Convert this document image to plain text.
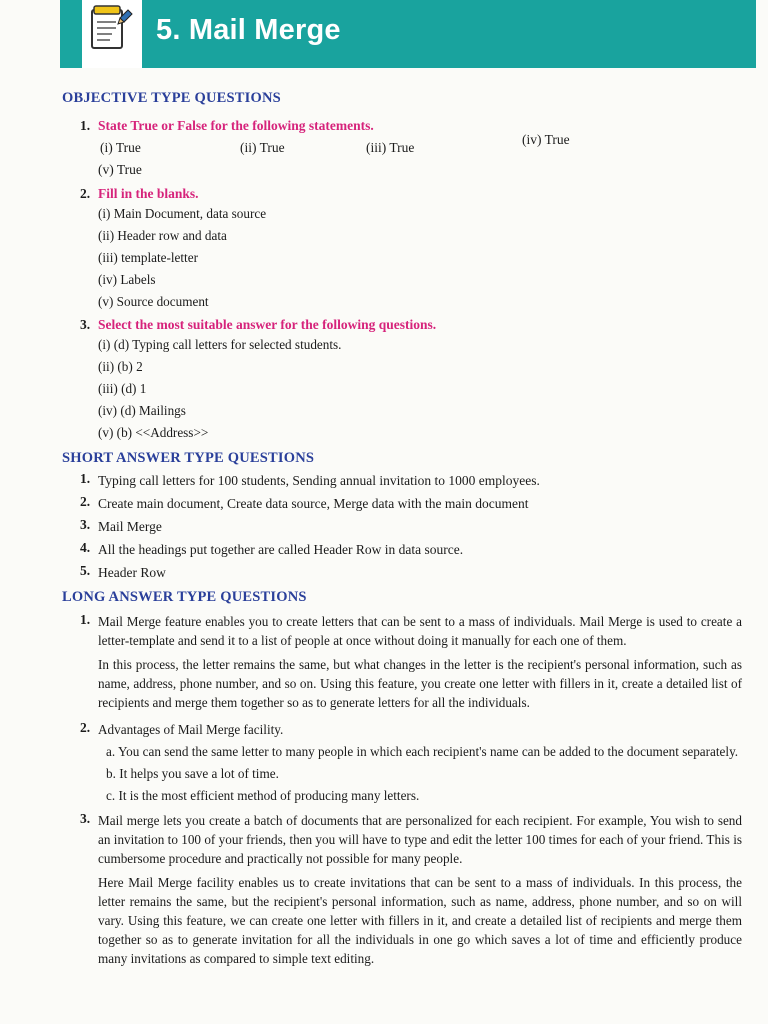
5. Mail Merge
OBJECTIVE TYPE QUESTIONS
1. State True or False for the following statements.
(i) True	(ii) True	(iii) True
(iv) True
(v) True
2. Fill in the blanks.
(i) Main Document, data source
(ii) Header row and data
(iii) template-letter
(iv) Labels
(v) Source document
3. Select the most suitable answer for the following questions.
(i) (d) Typing call letters for selected students.
(ii) (b) 2
(iii) (d) 1
(iv) (d) Mailings
(v) (b) <<Address>>
SHORT ANSWER TYPE QUESTIONS
1. Typing call letters for 100 students, Sending annual invitation to 1000 employees.
2. Create main document, Create data source, Merge data with the main document
3. Mail Merge
4. All the headings put together are called Header Row in data source.
5. Header Row
LONG ANSWER TYPE QUESTIONS
1. Mail Merge feature enables you to create letters that can be sent to a mass of individuals. Mail Merge is used to create a letter-template and send it to a list of people at once without doing it manually for each one of them.
In this process, the letter remains the same, but what changes in the letter is the recipient's personal information, such as name, address, phone number, and so on. Using this feature, you create one letter with fillers in it, create a detailed list of recipients and merge them together so as to generate letters for all the individuals.
2. Advantages of Mail Merge facility.
a. You can send the same letter to many people in which each recipient's name can be added to the document separately.
b. It helps you save a lot of time.
c. It is the most efficient method of producing many letters.
3. Mail merge lets you create a batch of documents that are personalized for each recipient. For example, You wish to send an invitation to 100 of your friends, then you will have to type and edit the letter 100 times for each of your friend. This is cumbersome procedure and practically not possible for many people.
Here Mail Merge facility enables us to create invitations that can be sent to a mass of individuals. In this process, the letter remains the same, but the recipient's personal information, such as name, address, phone number, and so on will vary. Using this feature, we can create one letter with fillers in it, and create a detailed list of recipients and merge them together so as to generate invitation for all the individuals in one go which saves a lot of time and efficiently produce many invitations as compared to simple text editing.
